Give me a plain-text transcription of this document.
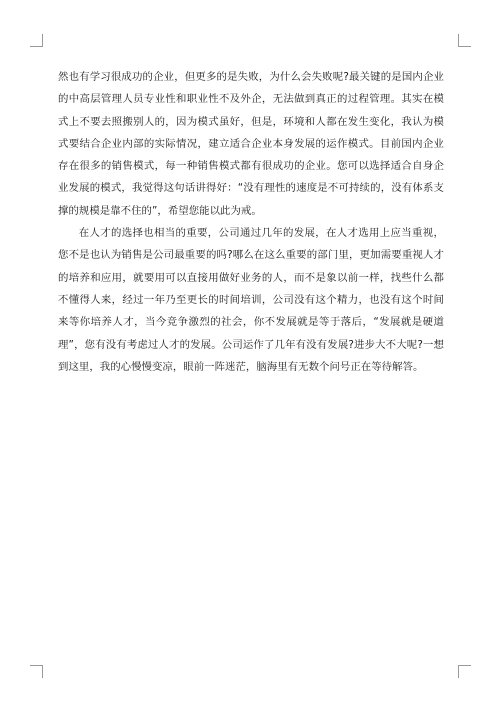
然也有学习很成功的企业，但更多的是失败，为什么会失败呢?最关键的是国内企业的中高层管理人员专业性和职业性不及外企，无法做到真正的过程管理。其实在模式上不要去照搬别人的，因为模式虽好，但是，环境和人都在发生变化，我认为模式要结合企业内部的实际情况，建立适合企业本身发展的运作模式。目前国内企业存在很多的销售模式，每一种销售模式都有很成功的企业。您可以选择适合自身企业发展的模式，我觉得这句话讲得好：“没有理性的速度是不可持续的，没有体系支撑的规模是靠不住的”，希望您能以此为戒。

在人才的选择也相当的重要，公司通过几年的发展，在人才选用上应当重视，您不是也认为销售是公司最重要的吗?哪么在这么重要的部门里，更加需要重视人才的培养和应用，就要用可以直接用做好业务的人，而不是象以前一样，找些什么都不懂得人来，经过一年乃至更长的时间培训，公司没有这个精力，也没有这个时间来等你培养人才，当今竞争激烈的社会，你不发展就是等于落后，“发展就是硬道理”，您有没有考虑过人才的发展。公司运作了几年有没有发展?进步大不大呢?一想到这里，我的心慢慢变凉，眼前一阵迷茫，脑海里有无数个问号正在等待解答。
